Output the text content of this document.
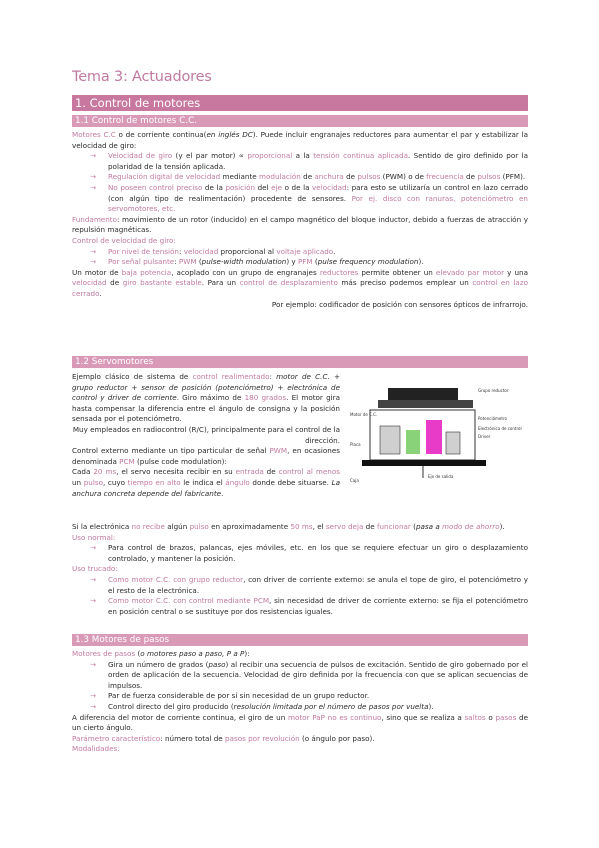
Tema 3: Actuadores
1. Control de motores
1.1 Control de motores C.C.

Motores C.C o de corriente continua(en inglés DC). Puede incluir engranajes reductores para aumentar el par y estabilizar la velocidad de giro:

→ Velocidad de giro (y el par motor) ∝ proporcional a la tensión continua aplicada. Sentido de giro definido por la polaridad de la tensión aplicada.
→ Regulación digital de velocidad mediante modulación de anchura de pulsos (PWM) o de frecuencia de pulsos (PFM).
→ No poseen control preciso de la posición del eje o de la velocidad: para esto se utilizaría un control en lazo cerrado (con algún tipo de realimentación) procedente de sensores. Por ej. disco con ranuras, potenciómetro en servomotores, etc.

Fundamento: movimiento de un rotor (inducido) en el campo magnético del bloque inductor, debido a fuerzas de atracción y repulsión magnéticas.

Control de velocidad de giro:

→ Por nivel de tensión: velocidad proporcional al voltaje aplicado.
→ Por señal pulsante: PWM (pulse-width modulation) y PFM (pulse frequency modulation).

Un motor de baja potencia, acoplado con un grupo de engranajes reductores permite obtener un elevado par motor y una velocidad de giro bastante estable. Para un control de desplazamiento más preciso podemos emplear un control en lazo cerrado.

Por ejemplo: codificador de posición con sensores ópticos de infrarrojo.

1.2 Servomotores

Ejemplo clásico de sistema de control realimentado: motor de C.C. + grupo reductor + sensor de posición (potenciómetro) + electrónica de control y driver de corriente. Giro máximo de 180 grados. El motor gira hasta compensar la diferencia entre el ángulo de consigna y la posición sensada por el potenciómetro.

Muy empleados en radiocontrol (R/C), principalmente para el control de la dirección.

Control externo mediante un tipo particular de señal PWM, en ocasiones denominada PCM (pulse code modulation):

Cada 20 ms, el servo necesita recibir en su entrada de control al menos un pulso, cuyo tiempo en alto le indica el ángulo donde debe situarse. La anchura concreta depende del fabricante.

Motor de C.C.
Grupo reductor
Potenciómetro
Electrónica de control
Driver
Placa
Eje de salida
Caja

Si la electrónica no recibe algún pulso en aproximadamente 50 ms, el servo deja de funcionar (pasa a modo de ahorro).

Uso normal:

→ Para control de brazos, palancas, ejes móviles, etc. en los que se requiere efectuar un giro o desplazamiento controlado, y mantener la posición.

Uso trucado:

→ Como motor C.C. con grupo reductor, con driver de corriente externo: se anula el tope de giro, el potenciómetro y el resto de la electrónica.
→ Como motor C.C. con control mediante PCM, sin necesidad de driver de corriente externo: se fija el potenciómetro en posición central o se sustituye por dos resistencias iguales.
1.3 Motores de pasos

Motores de pasos (o motores paso a paso, P a P):

→ Gira un número de grados (paso) al recibir una secuencia de pulsos de excitación. Sentido de giro gobernado por el orden de aplicación de la secuencia. Velocidad de giro definida por la frecuencia con que se aplican secuencias de impulsos.
→ Par de fuerza considerable de por sí sin necesidad de un grupo reductor.
→ Control directo del giro producido (resolución limitada por el número de pasos por vuelta).

A diferencia del motor de corriente continua, el giro de un motor PaP no es continuo, sino que se realiza a saltos o pasos de un cierto ángulo.

Parámetro característico: número total de pasos por revolución (o ángulo por paso).

Modalidades:
